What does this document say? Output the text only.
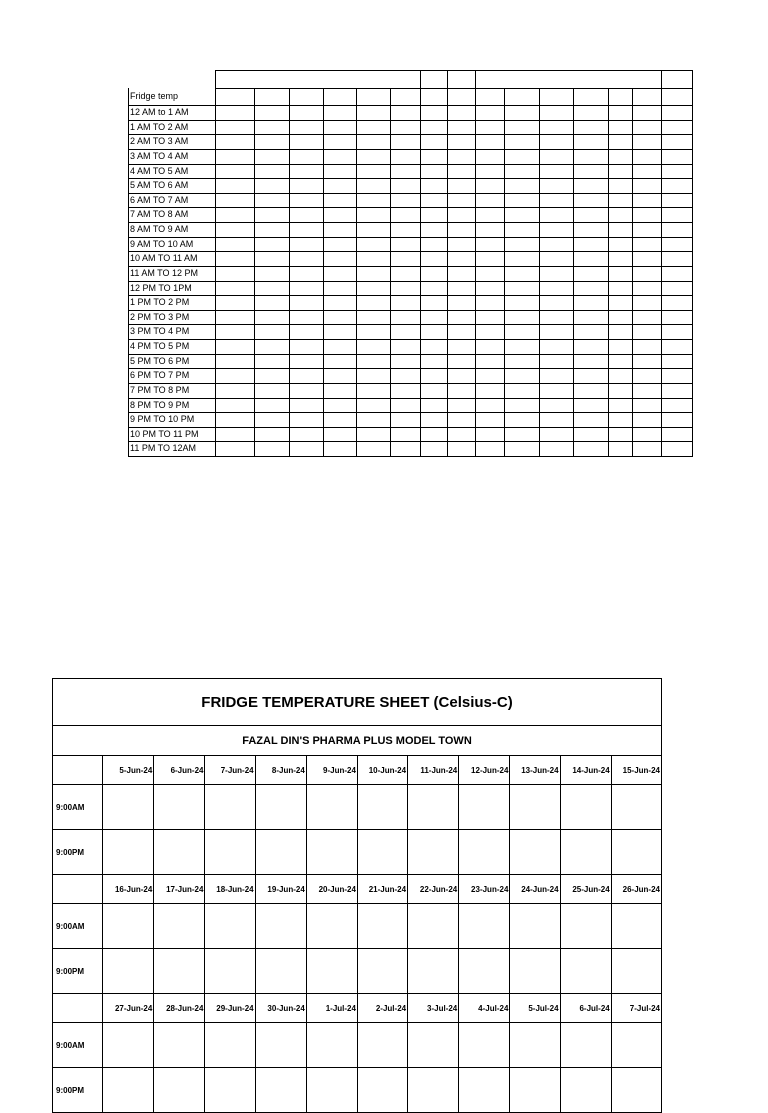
Fridge temp
12 AM to 1 AM
1 AM TO 2 AM
2 AM TO 3 AM
3 AM TO 4 AM
4 AM TO 5 AM
5 AM TO 6 AM
6 AM TO 7 AM
7 AM TO 8 AM
8 AM TO 9 AM
9 AM TO 10 AM
10 AM TO 11 AM
11 AM TO 12 PM
12 PM TO 1PM
1 PM TO 2 PM
2 PM TO 3 PM
3 PM TO 4 PM
4 PM TO 5 PM
5 PM TO 6 PM
6 PM TO 7 PM
7 PM TO 8 PM
8 PM TO 9 PM
9 PM TO 10 PM
10 PM TO 11 PM
11 PM TO 12AM
FRIDGE TEMPERATURE SHEET (Celsius-C)											
FAZAL DIN'S PHARMA PLUS MODEL TOWN											
	5-Jun-24	6-Jun-24	7-Jun-24	8-Jun-24	9-Jun-24	10-Jun-24	11-Jun-24	12-Jun-24	13-Jun-24	14-Jun-24	15-Jun-24
9:00AM											
9:00PM											
	16-Jun-24	17-Jun-24	18-Jun-24	19-Jun-24	20-Jun-24	21-Jun-24	22-Jun-24	23-Jun-24	24-Jun-24	25-Jun-24	26-Jun-24
9:00AM											
9:00PM											
	27-Jun-24	28-Jun-24	29-Jun-24	30-Jun-24	1-Jul-24	2-Jul-24	3-Jul-24	4-Jul-24	5-Jul-24	6-Jul-24	7-Jul-24
9:00AM											
9:00PM											
